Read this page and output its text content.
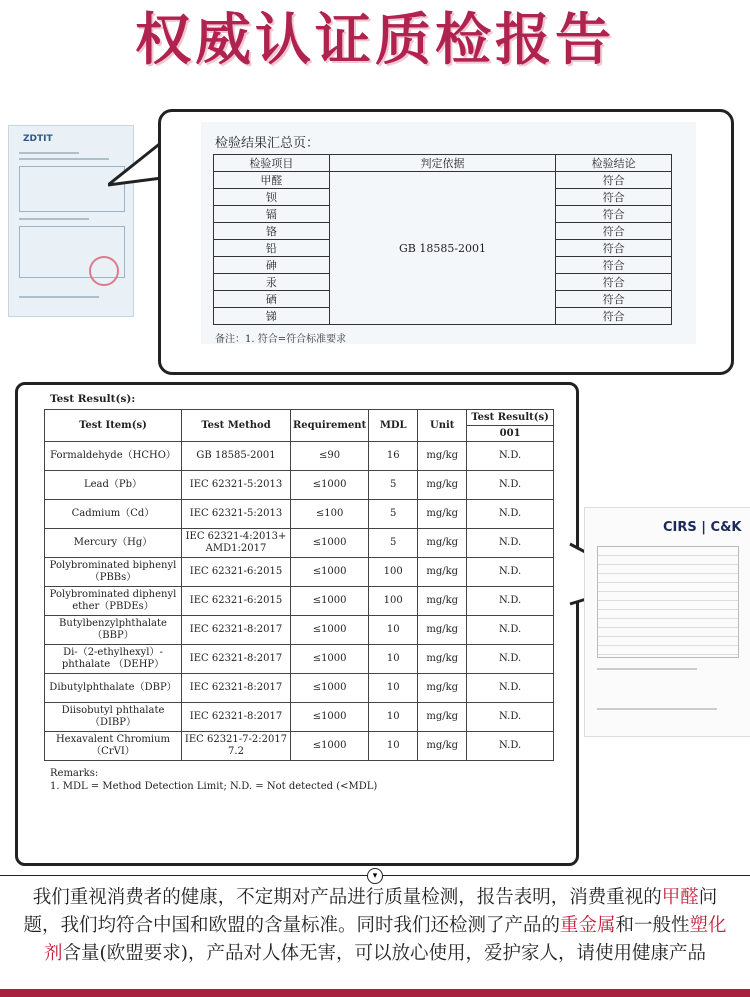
权威认证质检报告
ZDTIT	检验结果汇总页：
检验项目	判定依据	检验结论
甲醛	GB 18585-2001	符合
钡		符合
镉		符合
铬		符合
铅		符合
砷		符合
汞		符合
硒		符合
锑		符合
备注：1. 符合=符合标准要求
Test Result(s):
Test Item(s)	Test Method	Requirement	MDL	Unit	Test Result(s)
					001
Formaldehyde（HCHO）	GB 18585-2001	≤90	16	mg/kg	N.D.
Lead（Pb）	IEC 62321-5:2013	≤1000	5	mg/kg	N.D.
Cadmium（Cd）	IEC 62321-5:2013	≤100	5	mg/kg	N.D.
Mercury（Hg）	IEC 62321-4:2013+ AMD1:2017	≤1000	5	mg/kg	N.D.
Polybrominated biphenyl （PBBs）	IEC 62321-6:2015	≤1000	100	mg/kg	N.D.
Polybrominated diphenyl ether（PBDEs）	IEC 62321-6:2015	≤1000	100	mg/kg	N.D.
Butylbenzylphthalate（BBP）	IEC 62321-8:2017	≤1000	10	mg/kg	N.D.
Di-（2-ethylhexyl）-phthalate （DEHP）	IEC 62321-8:2017	≤1000	10	mg/kg	N.D.
Dibutylphthalate（DBP）	IEC 62321-8:2017	≤1000	10	mg/kg	N.D.
Diisobutyl phthalate（DIBP）	IEC 62321-8:2017	≤1000	10	mg/kg	N.D.
Hexavalent Chromium （CrVI）	IEC 62321-7-2:2017 7.2	≤1000	10	mg/kg	N.D.
Remarks:
1. MDL = Method Detection Limit; N.D. = Not detected (<MDL)
CIRS | C&K
▾
我们重视消费者的健康，不定期对产品进行质量检测，报告表明，消费重视的甲醛问题，我们均符合中国和欧盟的含量标准。同时我们还检测了产品的重金属和一般性塑化剂含量(欧盟要求)，产品对人体无害，可以放心使用，爱护家人，请使用健康产品
